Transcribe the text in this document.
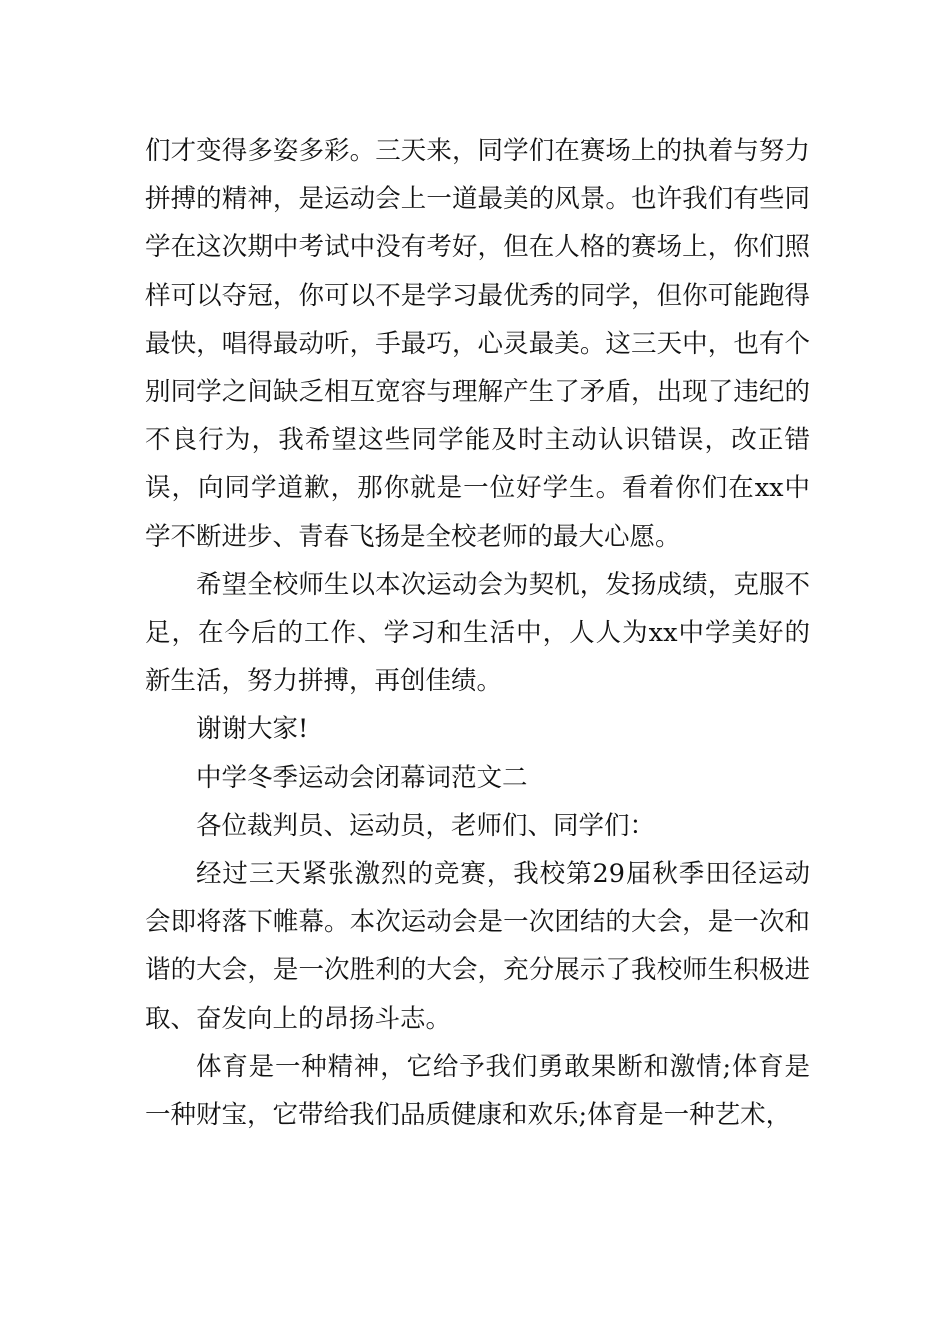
们才变得多姿多彩。三天来，同学们在赛场上的执着与努力拼搏的精神，是运动会上一道最美的风景。也许我们有些同学在这次期中考试中没有考好，但在人格的赛场上，你们照样可以夺冠，你可以不是学习最优秀的同学，但你可能跑得最快，唱得最动听，手最巧，心灵最美。这三天中，也有个别同学之间缺乏相互宽容与理解产生了矛盾，出现了违纪的不良行为，我希望这些同学能及时主动认识错误，改正错误，向同学道歉，那你就是一位好学生。看着你们在xx中学不断进步、青春飞扬是全校老师的最大心愿。

希望全校师生以本次运动会为契机，发扬成绩，克服不足，在今后的工作、学习和生活中，人人为xx中学美好的新生活，努力拼搏，再创佳绩。

谢谢大家!

中学冬季运动会闭幕词范文二

各位裁判员、运动员，老师们、同学们：

经过三天紧张激烈的竞赛，我校第29届秋季田径运动会即将落下帷幕。本次运动会是一次团结的大会，是一次和谐的大会，是一次胜利的大会，充分展示了我校师生积极进取、奋发向上的昂扬斗志。

体育是一种精神，它给予我们勇敢果断和激情;体育是一种财宝，它带给我们品质健康和欢乐;体育是一种艺术，
